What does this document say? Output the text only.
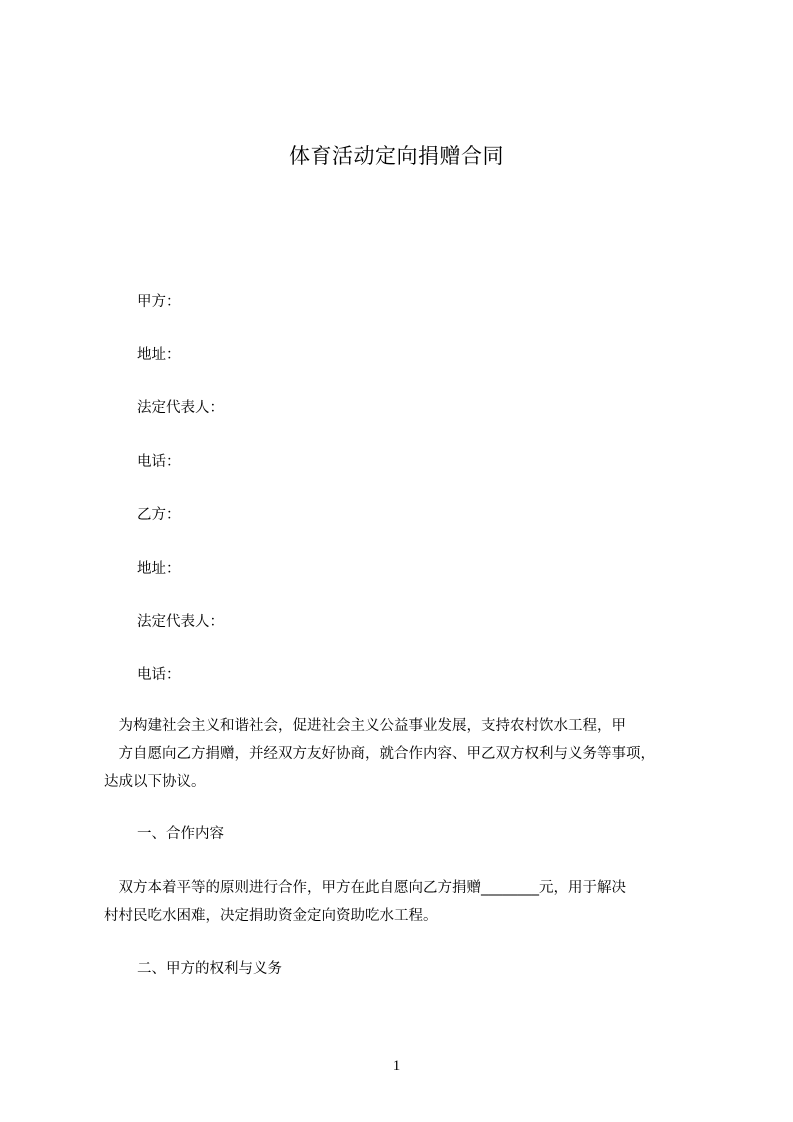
体育活动定向捐赠合同
甲方：
地址：
法定代表人：
电话：
乙方：
地址：
法定代表人：
电话：
　为构建社会主义和谐社会，促进社会主义公益事业发展，支持农村饮水工程，甲
　方自愿向乙方捐赠，并经双方友好协商，就合作内容、甲乙双方权利与义务等事项，
达成以下协议。
一、合作内容
　双方本着平等的原则进行合作，甲方在此自愿向乙方捐赠________元，用于解决
村村民吃水困难，决定捐助资金定向资助吃水工程。
二、甲方的权利与义务
1
